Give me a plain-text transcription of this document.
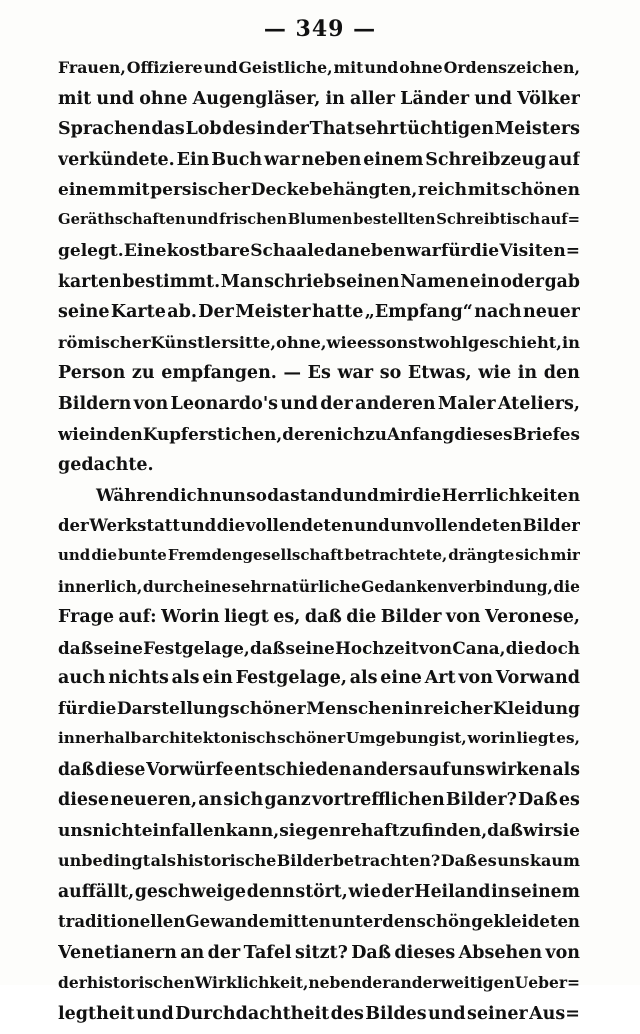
— 349 —
Frauen, Offiziere und Geistliche, mit und ohne Ordenszeichen,
mit und ohne Augengläser, in aller Länder und Völker
Sprachen das Lob des in der That sehr tüchtigen Meisters
verkündete. Ein Buch war neben einem Schreibzeug auf
einem mit persischer Decke behängten, reich mit schönen
Geräthschaften und frischen Blumen bestellten Schreibtisch auf=
gelegt. Eine kostbare Schaale daneben war für die Visiten=
karten bestimmt. Man schrieb seinen Namen ein oder gab
seine Karte ab. Der Meister hatte „Empfang“ nach neuer
römischer Künstlersitte, ohne, wie es sonst wohl geschieht, in
Person zu empfangen. — Es war so Etwas, wie in den
Bildern von Leonardo's und der anderen Maler Ateliers,
wie in den Kupferstichen, deren ich zu Anfang dieses Briefes
gedachte.
Während ich nun so da stand und mir die Herrlichkeiten
der Werkstatt und die vollendeten und unvollendeten Bilder
und die bunte Fremdengesellschaft betrachtete, drängte sich mir
innerlich, durch eine sehr natürliche Gedankenverbindung, die
Frage auf: Worin liegt es, daß die Bilder von Veronese,
daß seine Festgelage, daß seine Hochzeit von Cana, die doch
auch nichts als ein Festgelage, als eine Art von Vorwand
für die Darstellung schöner Menschen in reicher Kleidung
innerhalb architektonisch schöner Umgebung ist, worin liegt es,
daß diese Vorwürfe entschieden anders auf uns wirken als
diese neueren, an sich ganz vortrefflichen Bilder? Daß es
uns nicht einfallen kann, sie genrehaft zu finden, daß wir sie
unbedingt als historische Bilder betrachten? Daß es uns kaum
auffällt, geschweige denn stört, wie der Heiland in seinem
traditionellen Gewande mitten unter den schön gekleideten
Venetianern an der Tafel sitzt? Daß dieses Absehen von
der historischen Wirklichkeit, neben der anderweitigen Ueber=
legtheit und Durchdachtheit des Bildes und seiner Aus=
